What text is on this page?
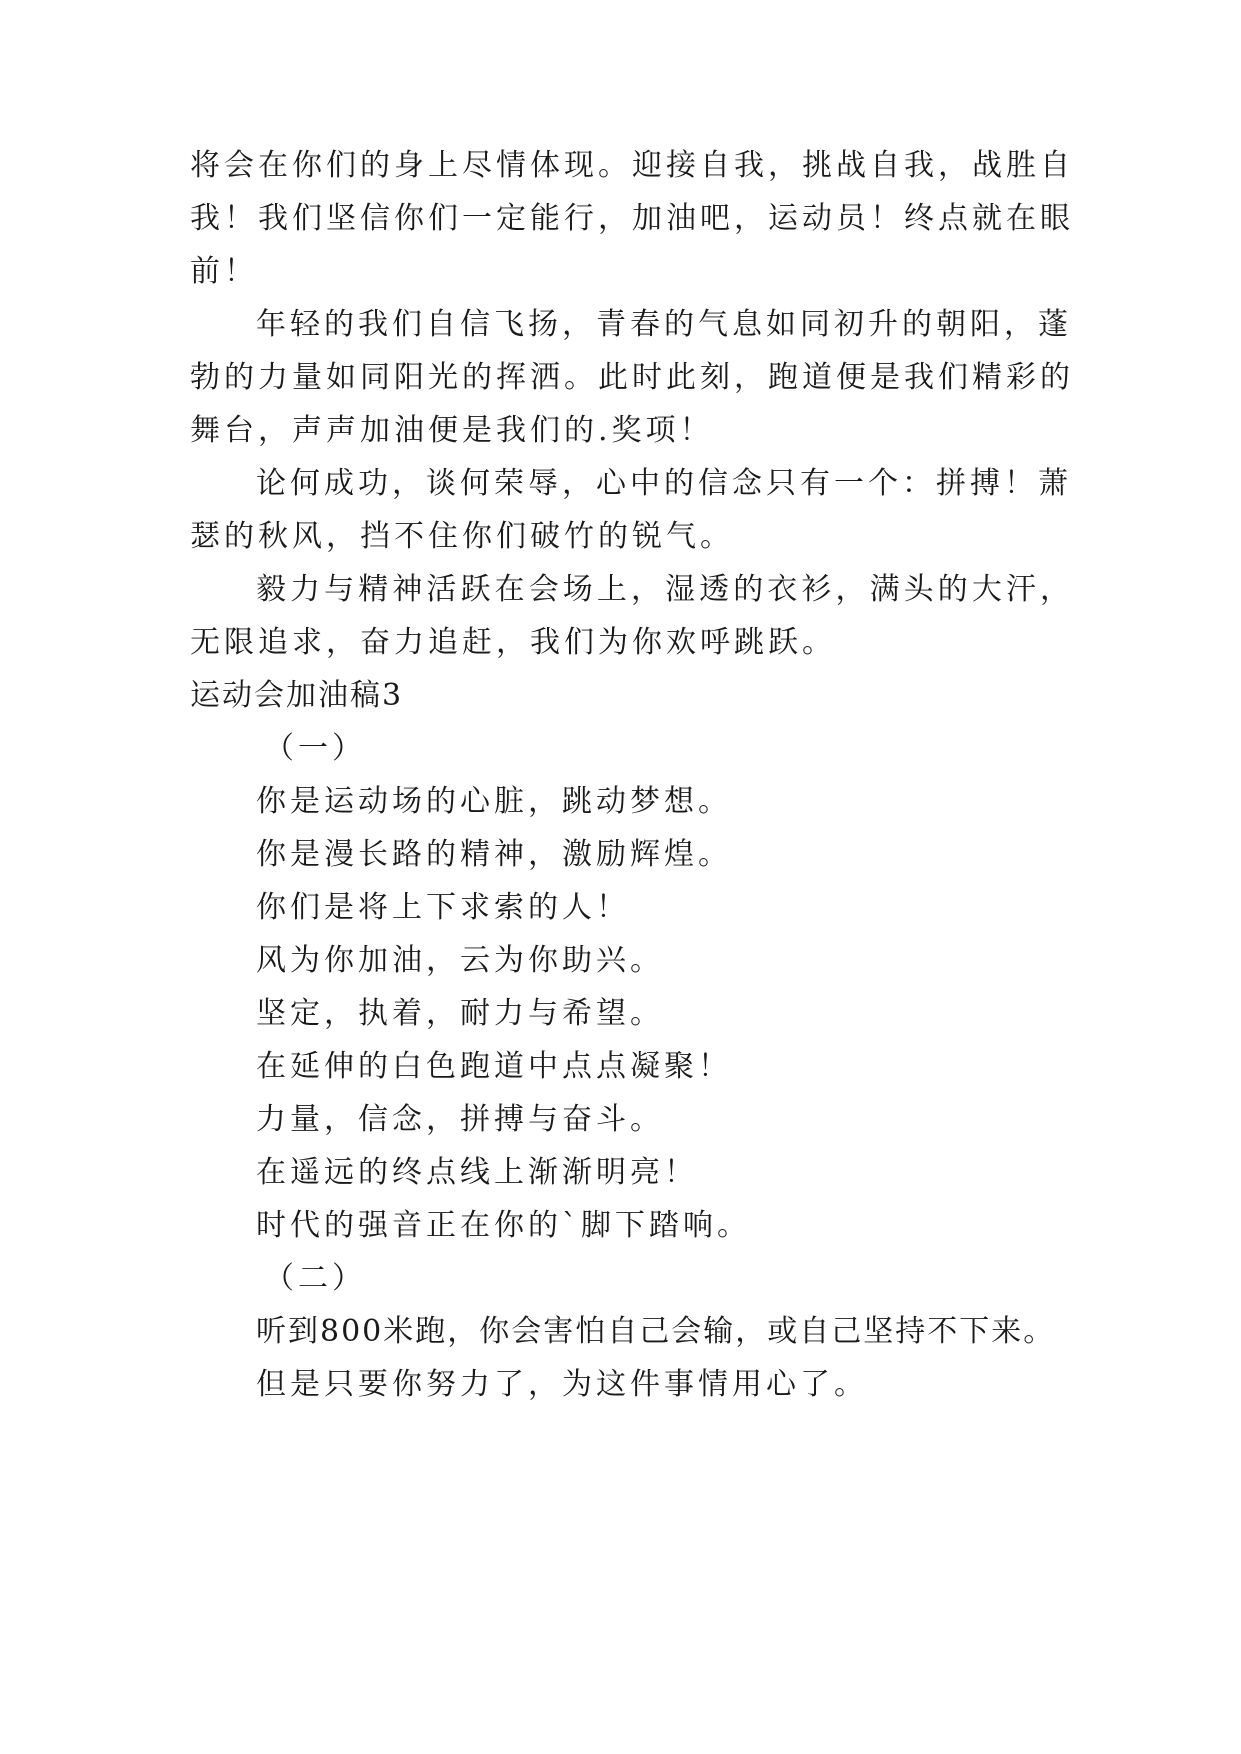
将会在你们的身上尽情体现。迎接自我，挑战自我，战胜自
我！我们坚信你们一定能行，加油吧，运动员！终点就在眼
前！
年轻的我们自信飞扬，青春的气息如同初升的朝阳，蓬
勃的力量如同阳光的挥洒。此时此刻，跑道便是我们精彩的
舞台，声声加油便是我们的.奖项！
论何成功，谈何荣辱，心中的信念只有一个：拼搏！萧
瑟的秋风，挡不住你们破竹的锐气。
毅力与精神活跃在会场上，湿透的衣衫，满头的大汗，
无限追求，奋力追赶，我们为你欢呼跳跃。
运动会加油稿3
（一）
你是运动场的心脏，跳动梦想。
你是漫长路的精神，激励辉煌。
你们是将上下求索的人！
风为你加油，云为你助兴。
坚定，执着，耐力与希望。
在延伸的白色跑道中点点凝聚！
力量，信念，拼搏与奋斗。
在遥远的终点线上渐渐明亮！
时代的强音正在你的`脚下踏响。
（二）
听到800米跑，你会害怕自己会输，或自己坚持不下来。
但是只要你努力了，为这件事情用心了。
